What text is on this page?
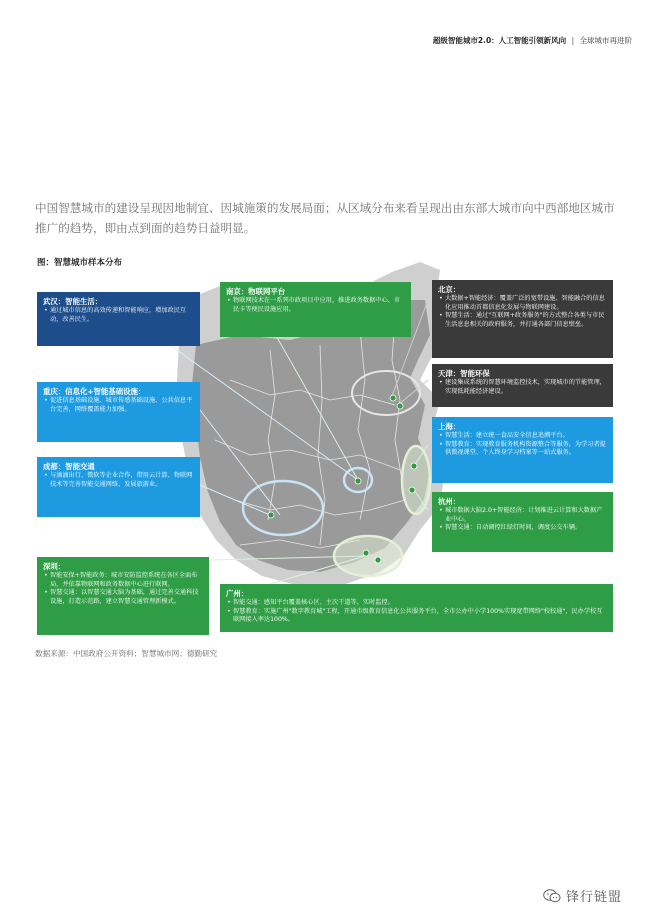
超级智能城市2.0：人工智能引领新风向 | 全球城市再进阶

中国智慧城市的建设呈现因地制宜、因城施策的发展局面；从区域分布来看呈现出由东部大城市向中西部地区城市推广的趋势，即由点到面的趋势日益明显。

图：智慧城市样本分布
武汉：智能生活：
• 通过城市信息的高效传递和智能响应，增加政民互动，改善民生。
南京：物联网平台
• 物联网技术在一系列市政项目中应用，推进政务数据中心、市民卡等便民设施应用。
北京：
• 大数据+智能经济：覆盖广泛的宽带设施、智能融合的信息化应用推动首都信息化发展与物联网建设。
• 智慧生活：通过"互联网+政务服务"的方式整合各类与市民生活息息相关的政府服务，并打通各部门信息壁垒。
天津：智能环保
• 建设集成系统的智慧环境监控技术，实现城市的节能管理，实现低耗能经济建设。
重庆：信息化+智能基础设施：
• 促进信息基础设施、城市传感基础设施、公共信息平台完善，网络覆盖能力加强。
上海：
• 智慧生活：建立统一食品安全信息追溯平台。
• 智慧教育：实现教育服务机构资源整合等服务，为学习者提供微视课堂、个人终身学习档案等一站式服务。
成都：智能交通
• 与滴滴出行、微软等企业合作，借用云计算、物联网技术等完善智能交通网络、发展旅游业。
杭州：
• 城市数据大脑2.0+智能经济：计划推进云计算和大数据产业中心。
• 智慧交通：自动调控红绿灯时间，调度公交车辆。
深圳：
• 智能安保+智能政务：城市安防监控系统在各区全面布局，并依靠物联网和政务数据中心进行联网。
• 智慧交通：以智慧交通大脑为基础，通过完善交通科技设施，打造示范路，建立智慧交通管理新模式。
广州：
• 智能交通：感知平台覆盖核心区、主次干道等，实时监控。
• 智慧教育：实施广州"数字教育城"工程，开通市级教育信息化公共服务平台，全市公办中小学100%实现宽带网络"校校通"，民办学校互联网接入率达100%。
数据来源：中国政府公开资料；智慧城市网；德勤研究
锋行链盟
